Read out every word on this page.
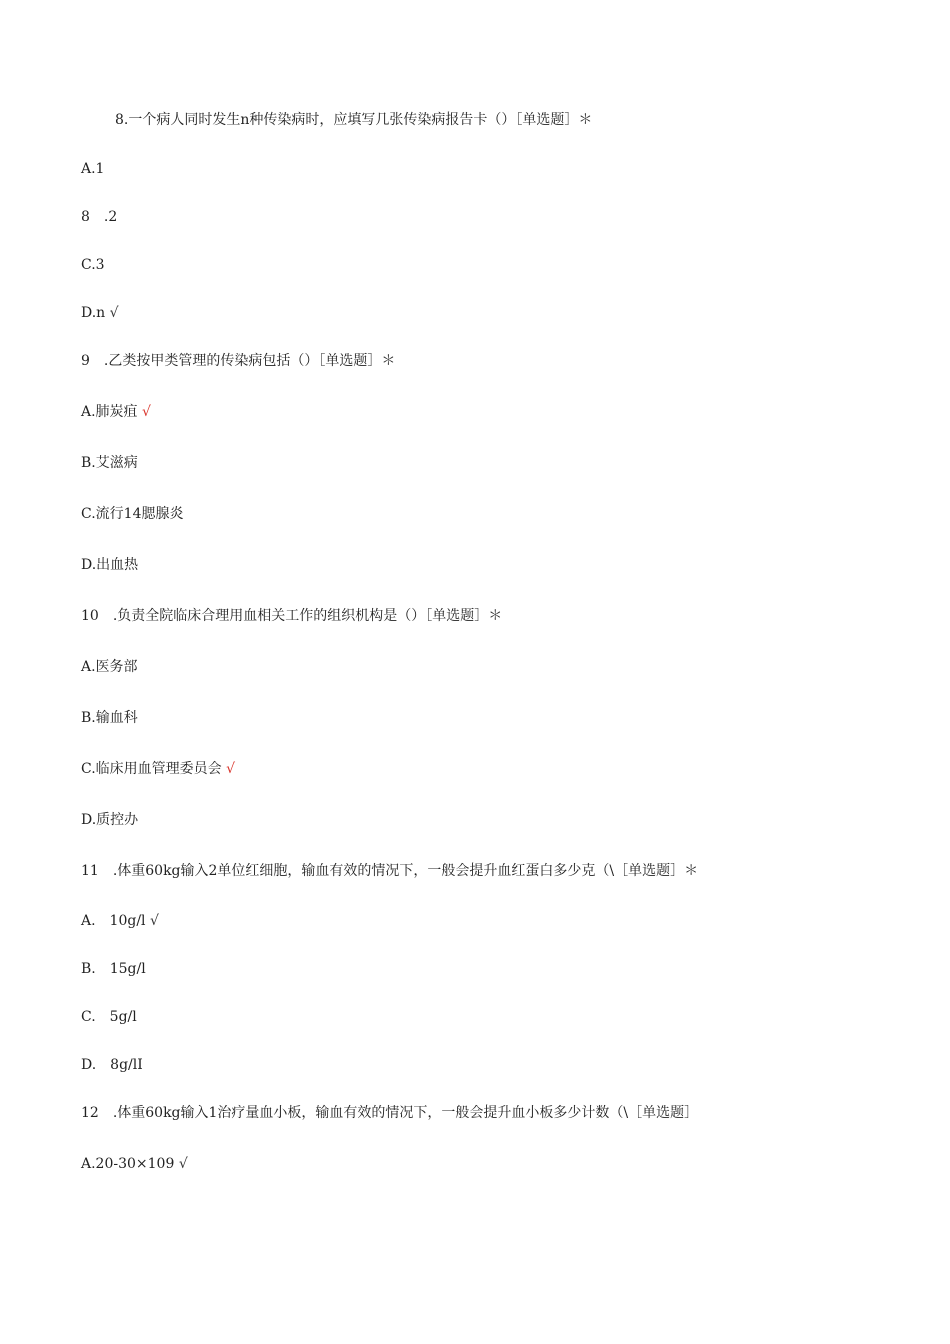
8.一个病人同时发生n种传染病时，应填写几张传染病报告卡（）［单选题］＊
A.1
8　.2
C.3
D.n √
9　.乙类按甲类管理的传染病包括（）［单选题］＊
A.肺炭疽 √
B.艾滋病
C.流行14腮腺炎
D.出血热
10　.负责全院临床合理用血相关工作的组织机构是（）［单选题］＊
A.医务部
B.输血科
C.临床用血管理委员会 √
D.质控办
11　.体重60kg输入2单位红细胞，输血有效的情况下，一般会提升血红蛋白多少克（\［单选题］＊
A.　10g/l √
B.　15g/l
C.　5g/l
D.　8g/lI
12　.体重60kg输入1治疗量血小板，输血有效的情况下，一般会提升血小板多少计数（\［单选题］
A.20-30×109 √
